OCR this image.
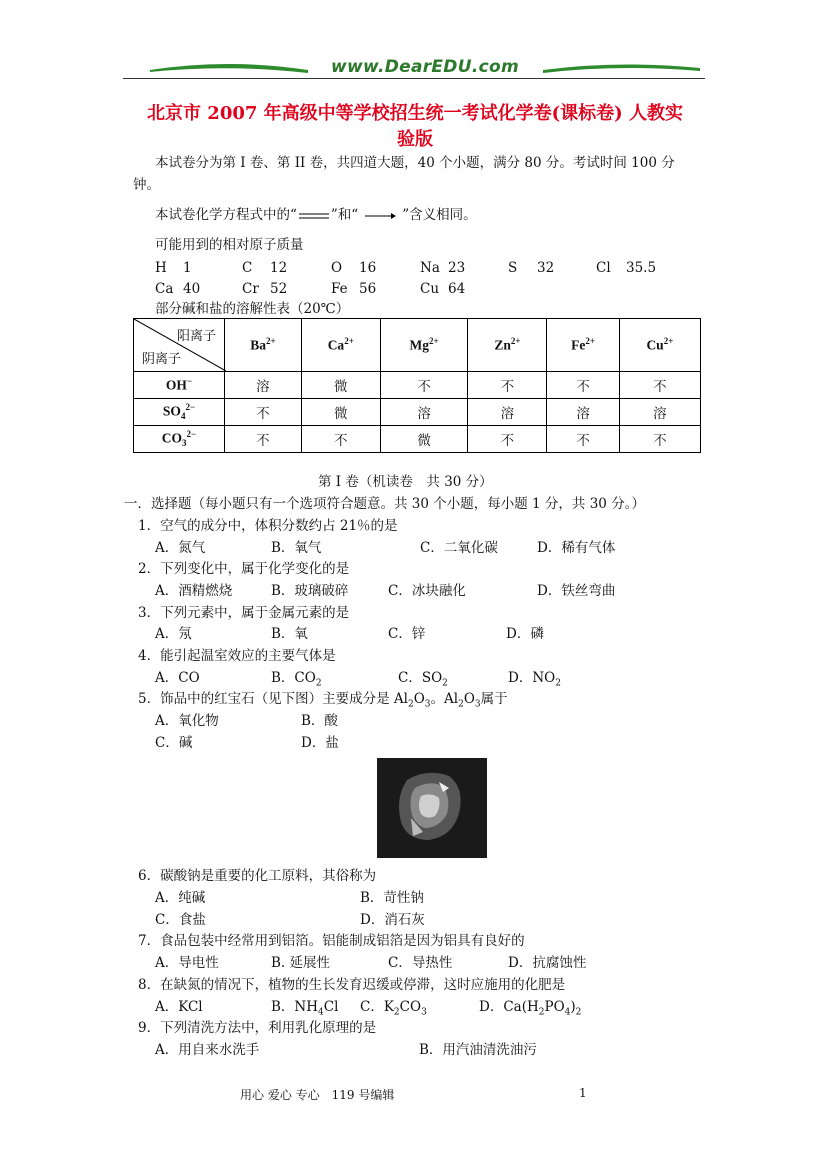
www.DearEDU.com
北京市 2007 年高级中等学校招生统一考试化学卷(课标卷) 人教实
验版
本试卷分为第 I 卷、第 II 卷，共四道大题，40 个小题，满分 80 分。考试时间 100 分
钟。
本试卷化学方程式中的“	”和“	”含义相同。
可能用到的相对原子质量
H 1	C 12	O 16	Na 23	S 32	Cl 35.5
Ca 40	Cr 52	Fe 56	Cu 64
部分碱和盐的溶解性表（20℃）
阳离子
阴离子	$Ba^{2+}$	$Ca^{2+}$	$Mg^{2+}$	$Zn^{2+}$	$Fe^{2+}$	$Cu^{2+}$
OH−	溶	微	不	不	不	不
$SO_4^{2-}$	不	微	溶	溶	溶	溶
$CO_3^{2-}$	不	不	微	不	不	不
第 I 卷（机读卷　共 30 分）
一．选择题（每小题只有一个选项符合题意。共 30 个小题，每小题 1 分，共 30 分。）
1．空气的成分中，体积分数约占 21％的是
A．氮气	B．氧气	C．二氧化碳	D．稀有气体
2．下列变化中，属于化学变化的是
A．酒精燃烧	B．玻璃破碎	C．冰块融化	D．铁丝弯曲
3．下列元素中，属于金属元素的是
A．氖	B．氧	C．锌	D．磷
4．能引起温室效应的主要气体是
A．CO	B．$CO_2$	C．$SO_2$	D．$NO_2$
5．饰品中的红宝石（见下图）主要成分是 $Al_2O_3$。$Al_2O_3$属于
A．氧化物	B．酸
C．碱	D．盐
6．碳酸钠是重要的化工原料，其俗称为
A．纯碱	B．苛性钠
C．食盐	D．消石灰
7．食品包装中经常用到铝箔。铝能制成铝箔是因为铝具有良好的
A．导电性	B. 延展性	C．导热性	D．抗腐蚀性
8．在缺氮的情况下，植物的生长发育迟缓或停滞，这时应施用的化肥是
A．KCl	B．$NH_4Cl$ C．$K_2CO_3$	D．$Ca(H_2PO_4)_2$
9．下列清洗方法中，利用乳化原理的是
A．用自来水洗手	B．用汽油清洗油污
用心 爱心 专心　119 号编辑	1
